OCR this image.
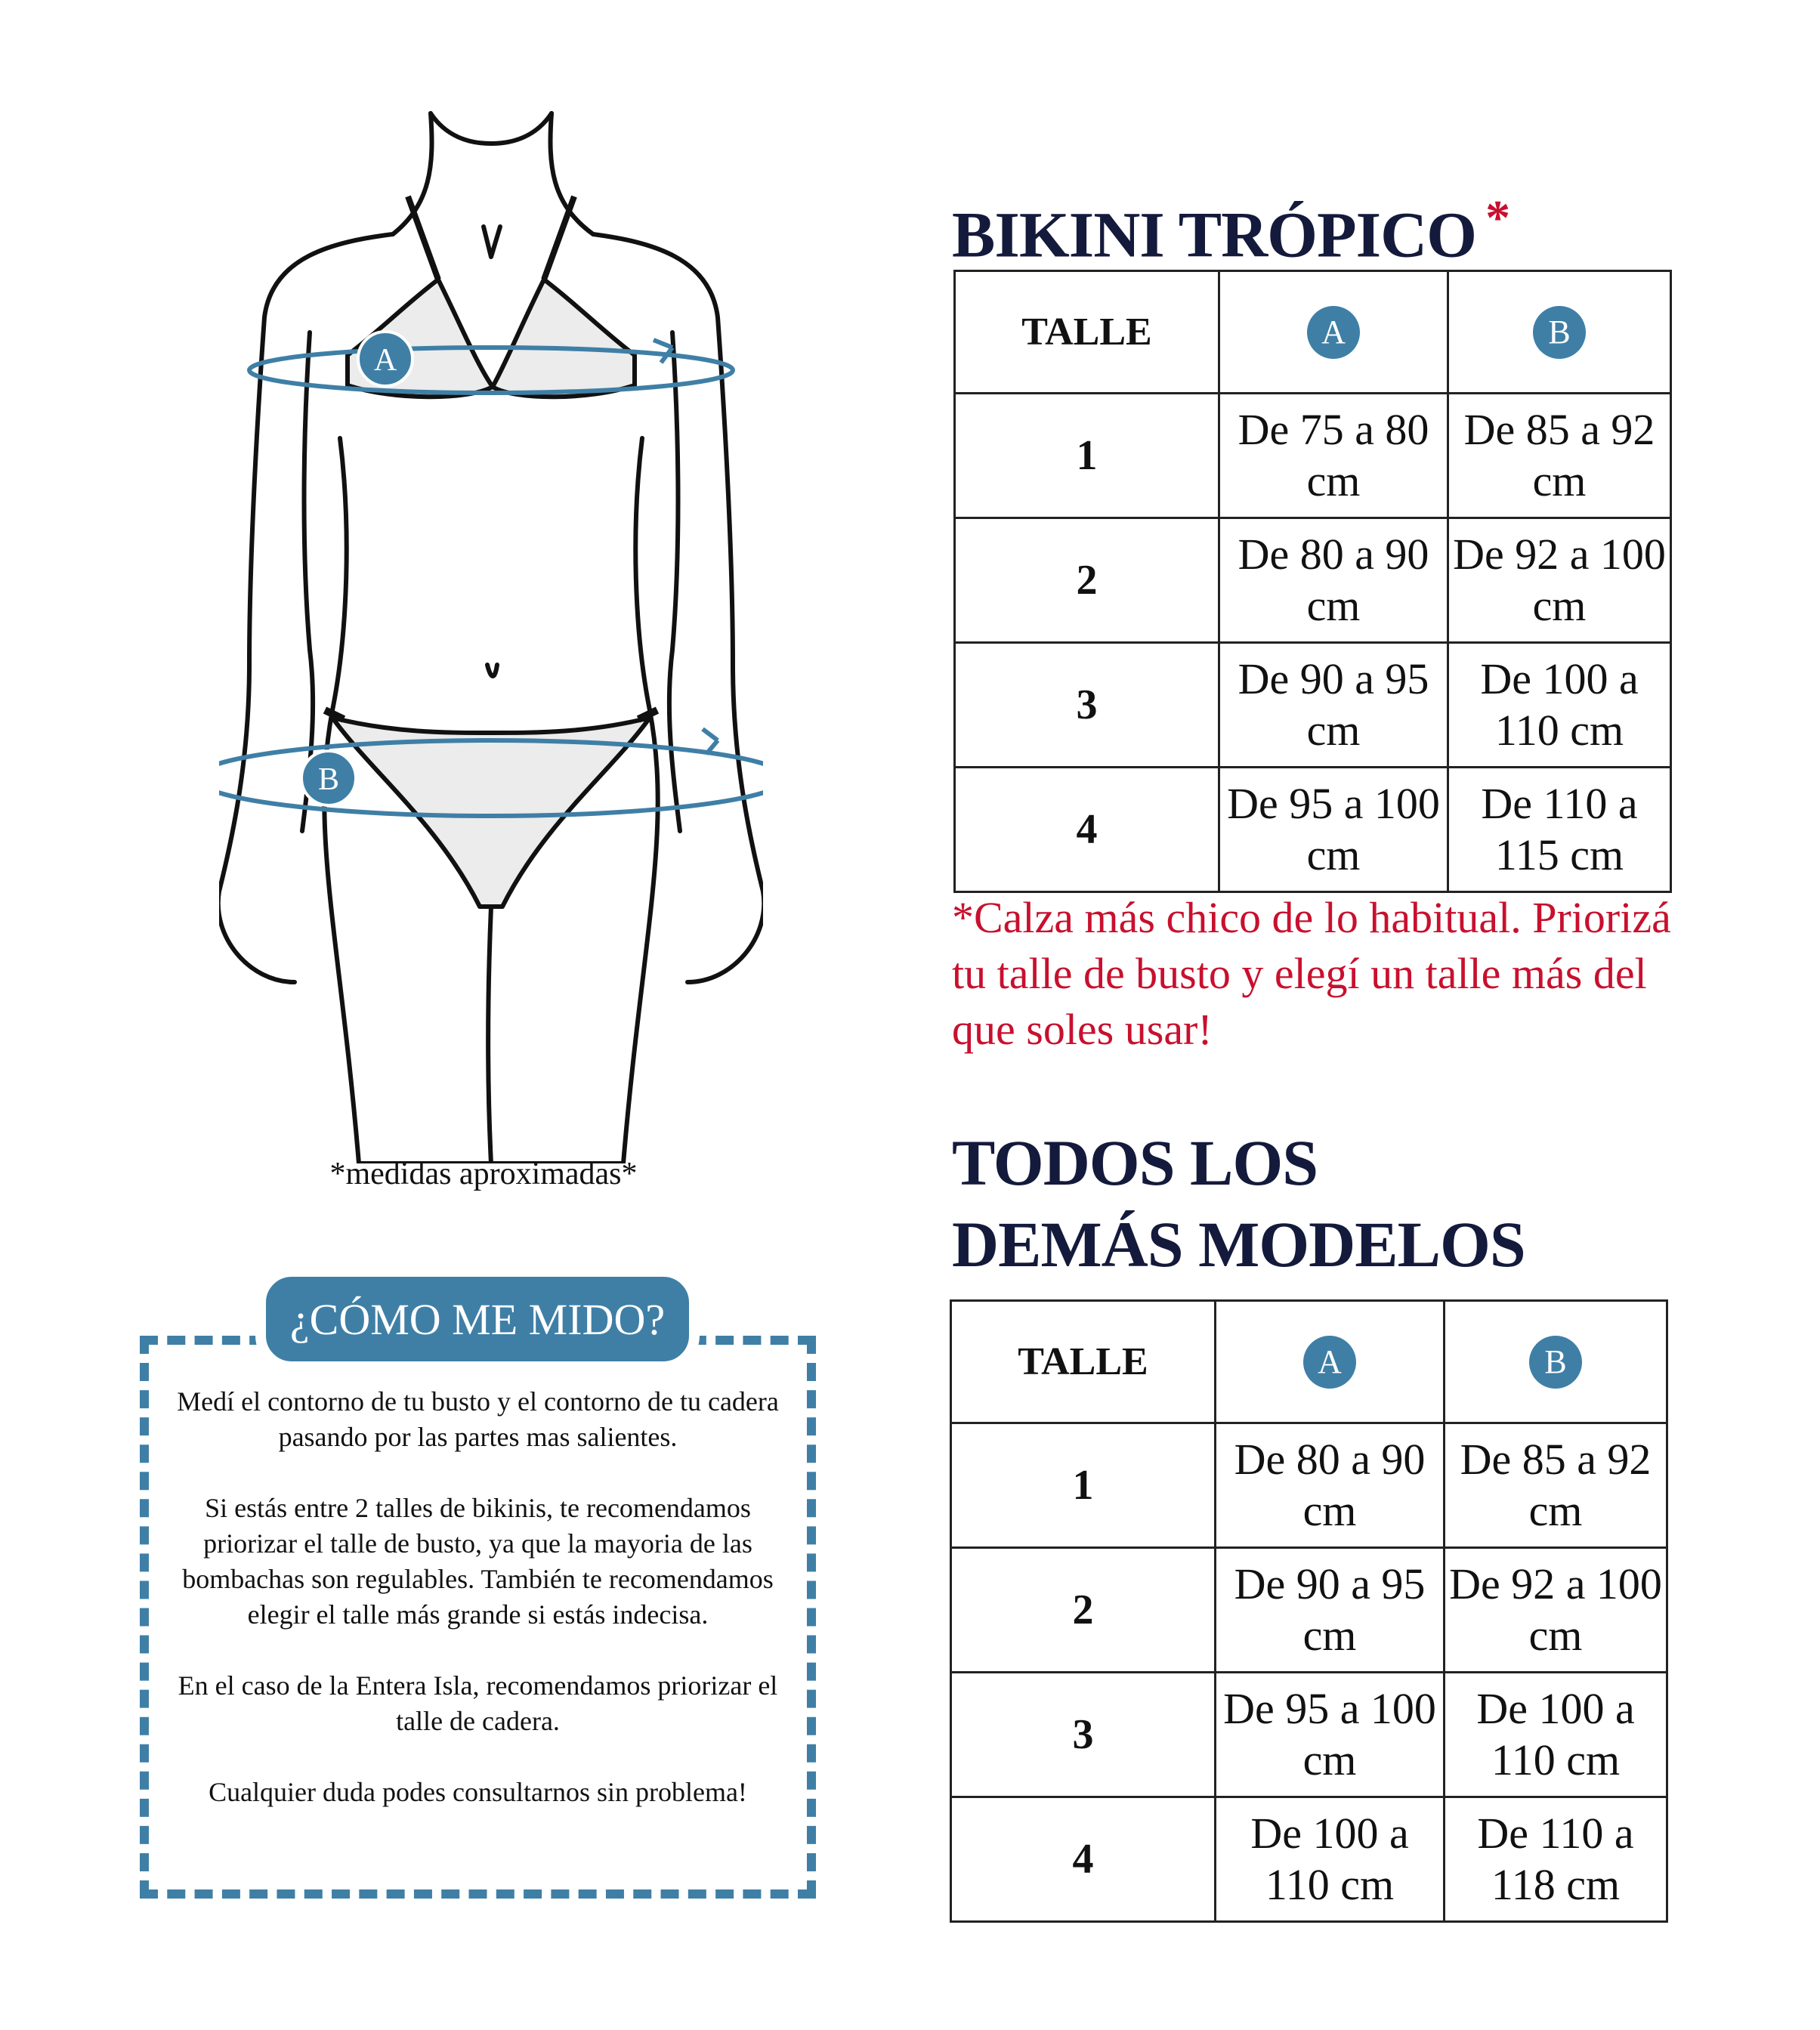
A
B
*medidas aproximadas*
¿CÓMO ME MIDO?

Medí el contorno de tu busto y el contorno de tu cadera pasando por las partes mas salientes.

Si estás entre 2 talles de bikinis, te recomendamos priorizar el talle de busto, ya que la mayoria de las bombachas son regulables. También te recomendamos elegir el talle más grande si estás indecisa.

En el caso de la Entera Isla, recomendamos priorizar el talle de cadera.

Cualquier duda podes consultarnos sin problema!

BIKINI TRÓPICO *
TALLE	A	B
1	De 75 a 80 cm	De 85 a 92 cm
2	De 80 a 90 cm	De 92 a 100 cm
3	De 90 a 95 cm	De 100 a 110 cm
4	De 95 a 100 cm	De 110 a 115 cm
*Calza más chico de lo habitual. Priorizá tu talle de busto y elegí un talle más del que soles usar!
TODOS LOS
DEMÁS MODELOS
TALLE	A	B
1	De 80 a 90 cm	De 85 a 92 cm
2	De 90 a 95 cm	De 92 a 100 cm
3	De 95 a 100 cm	De 100 a 110 cm
4	De 100 a 110 cm	De 110 a 118 cm
